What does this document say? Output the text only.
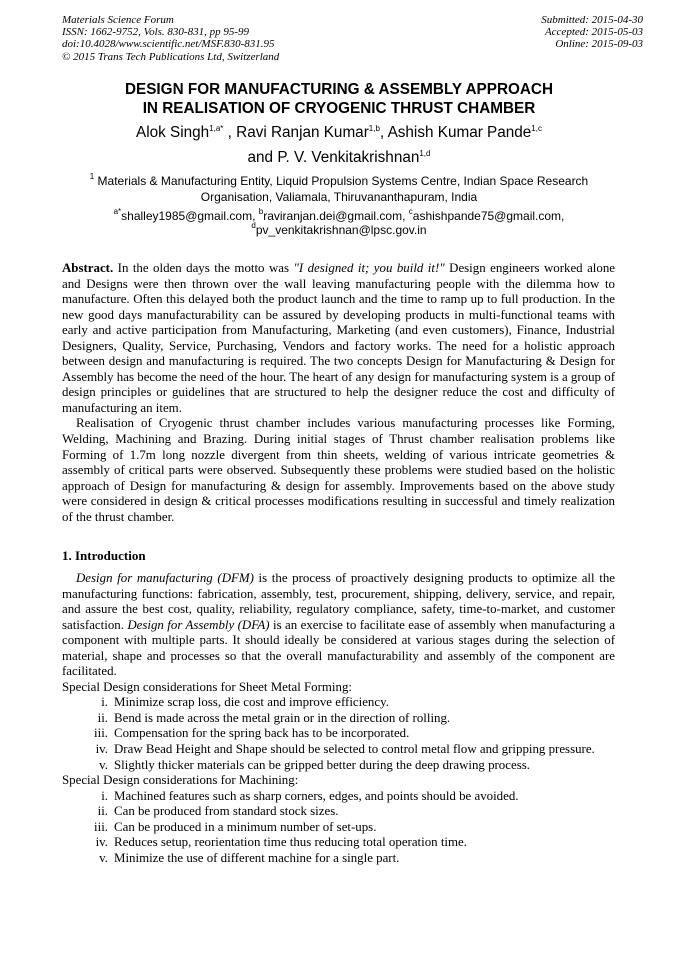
Materials Science Forum
ISSN: 1662-9752, Vols. 830-831, pp 95-99
doi:10.4028/www.scientific.net/MSF.830-831.95
© 2015 Trans Tech Publications Ltd, Switzerland
Submitted: 2015-04-30
Accepted: 2015-05-03
Online: 2015-09-03
DESIGN FOR MANUFACTURING & ASSEMBLY APPROACH
IN REALISATION OF CRYOGENIC THRUST CHAMBER
Alok Singh$^{1,a*}$ , Ravi Ranjan Kumar$^{1,b}$, Ashish Kumar Pande$^{1,c}$
and P. V. Venkitakrishnan$^{1,d}$
$^1$ Materials & Manufacturing Entity, Liquid Propulsion Systems Centre, Indian Space Research
Organisation, Valiamala, Thiruvananthapuram, India
$^{a*}$shalley1985@gmail.com, $^b$raviranjan.dei@gmail.com, $^c$ashishpande75@gmail.com,
$^d$pv_venkitakrishnan@lpsc.gov.in

Abstract. In the olden days the motto was "I designed it; you build it!" Design engineers worked alone and Designs were then thrown over the wall leaving manufacturing people with the dilemma how to manufacture. Often this delayed both the product launch and the time to ramp up to full production. In the new good days manufacturability can be assured by developing products in multi-functional teams with early and active participation from Manufacturing, Marketing (and even customers), Finance, Industrial Designers, Quality, Service, Purchasing, Vendors and factory works. The need for a holistic approach between design and manufacturing is required. The two concepts Design for Manufacturing & Design for Assembly has become the need of the hour. The heart of any design for manufacturing system is a group of design principles or guidelines that are structured to help the designer reduce the cost and difficulty of manufacturing an item.

Realisation of Cryogenic thrust chamber includes various manufacturing processes like Forming, Welding, Machining and Brazing. During initial stages of Thrust chamber realisation problems like Forming of 1.7m long nozzle divergent from thin sheets, welding of various intricate geometries & assembly of critical parts were observed. Subsequently these problems were studied based on the holistic approach of Design for manufacturing & design for assembly. Improvements based on the above study were considered in design & critical processes modifications resulting in successful and timely realization of the thrust chamber.

1. Introduction

Design for manufacturing (DFM) is the process of proactively designing products to optimize all the manufacturing functions: fabrication, assembly, test, procurement, shipping, delivery, service, and repair, and assure the best cost, quality, reliability, regulatory compliance, safety, time-to-market, and customer satisfaction. Design for Assembly (DFA) is an exercise to facilitate ease of assembly when manufacturing a component with multiple parts. It should ideally be considered at various stages during the selection of material, shape and processes so that the overall manufacturability and assembly of the component are facilitated.

Special Design considerations for Sheet Metal Forming:

i. Minimize scrap loss, die cost and improve efficiency.
ii. Bend is made across the metal grain or in the direction of rolling.
iii. Compensation for the spring back has to be incorporated.
iv. Draw Bead Height and Shape should be selected to control metal flow and gripping pressure.
v. Slightly thicker materials can be gripped better during the deep drawing process.

Special Design considerations for Machining:

i. Machined features such as sharp corners, edges, and points should be avoided.
ii. Can be produced from standard stock sizes.
iii. Can be produced in a minimum number of set-ups.
iv. Reduces setup, reorientation time thus reducing total operation time.
v. Minimize the use of different machine for a single part.
